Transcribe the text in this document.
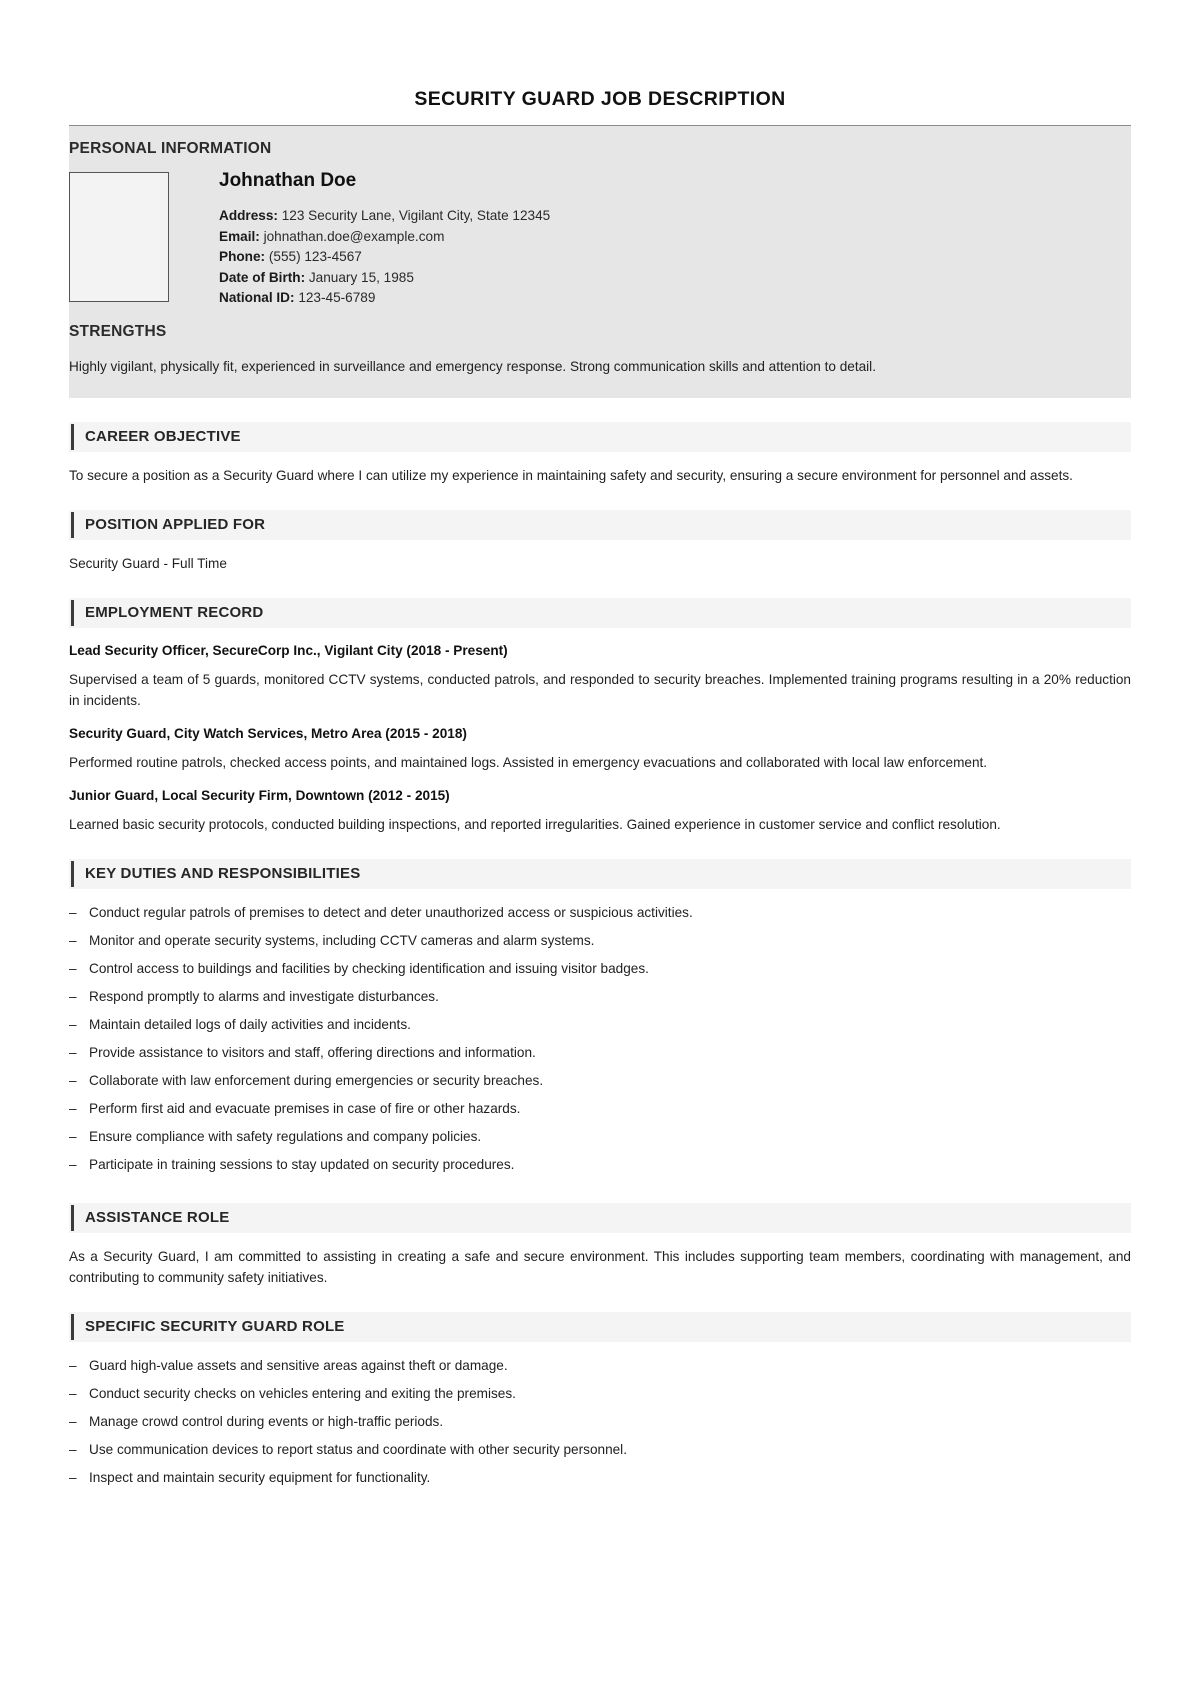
SECURITY GUARD JOB DESCRIPTION
PERSONAL INFORMATION
Johnathan Doe
Address: 123 Security Lane, Vigilant City, State 12345
Email: johnathan.doe@example.com
Phone: (555) 123-4567
Date of Birth: January 15, 1985
National ID: 123-45-6789
STRENGTHS
Highly vigilant, physically fit, experienced in surveillance and emergency response. Strong communication skills and attention to detail.
CAREER OBJECTIVE
To secure a position as a Security Guard where I can utilize my experience in maintaining safety and security, ensuring a secure environment for personnel and assets.
POSITION APPLIED FOR
Security Guard - Full Time
EMPLOYMENT RECORD
Lead Security Officer, SecureCorp Inc., Vigilant City (2018 - Present)
Supervised a team of 5 guards, monitored CCTV systems, conducted patrols, and responded to security breaches. Implemented training programs resulting in a 20% reduction in incidents.
Security Guard, City Watch Services, Metro Area (2015 - 2018)
Performed routine patrols, checked access points, and maintained logs. Assisted in emergency evacuations and collaborated with local law enforcement.
Junior Guard, Local Security Firm, Downtown (2012 - 2015)
Learned basic security protocols, conducted building inspections, and reported irregularities. Gained experience in customer service and conflict resolution.
KEY DUTIES AND RESPONSIBILITIES
– Conduct regular patrols of premises to detect and deter unauthorized access or suspicious activities.
– Monitor and operate security systems, including CCTV cameras and alarm systems.
– Control access to buildings and facilities by checking identification and issuing visitor badges.
– Respond promptly to alarms and investigate disturbances.
– Maintain detailed logs of daily activities and incidents.
– Provide assistance to visitors and staff, offering directions and information.
– Collaborate with law enforcement during emergencies or security breaches.
– Perform first aid and evacuate premises in case of fire or other hazards.
– Ensure compliance with safety regulations and company policies.
– Participate in training sessions to stay updated on security procedures.
ASSISTANCE ROLE
As a Security Guard, I am committed to assisting in creating a safe and secure environment. This includes supporting team members, coordinating with management, and contributing to community safety initiatives.
SPECIFIC SECURITY GUARD ROLE
– Guard high-value assets and sensitive areas against theft or damage.
– Conduct security checks on vehicles entering and exiting the premises.
– Manage crowd control during events or high-traffic periods.
– Use communication devices to report status and coordinate with other security personnel.
– Inspect and maintain security equipment for functionality.
